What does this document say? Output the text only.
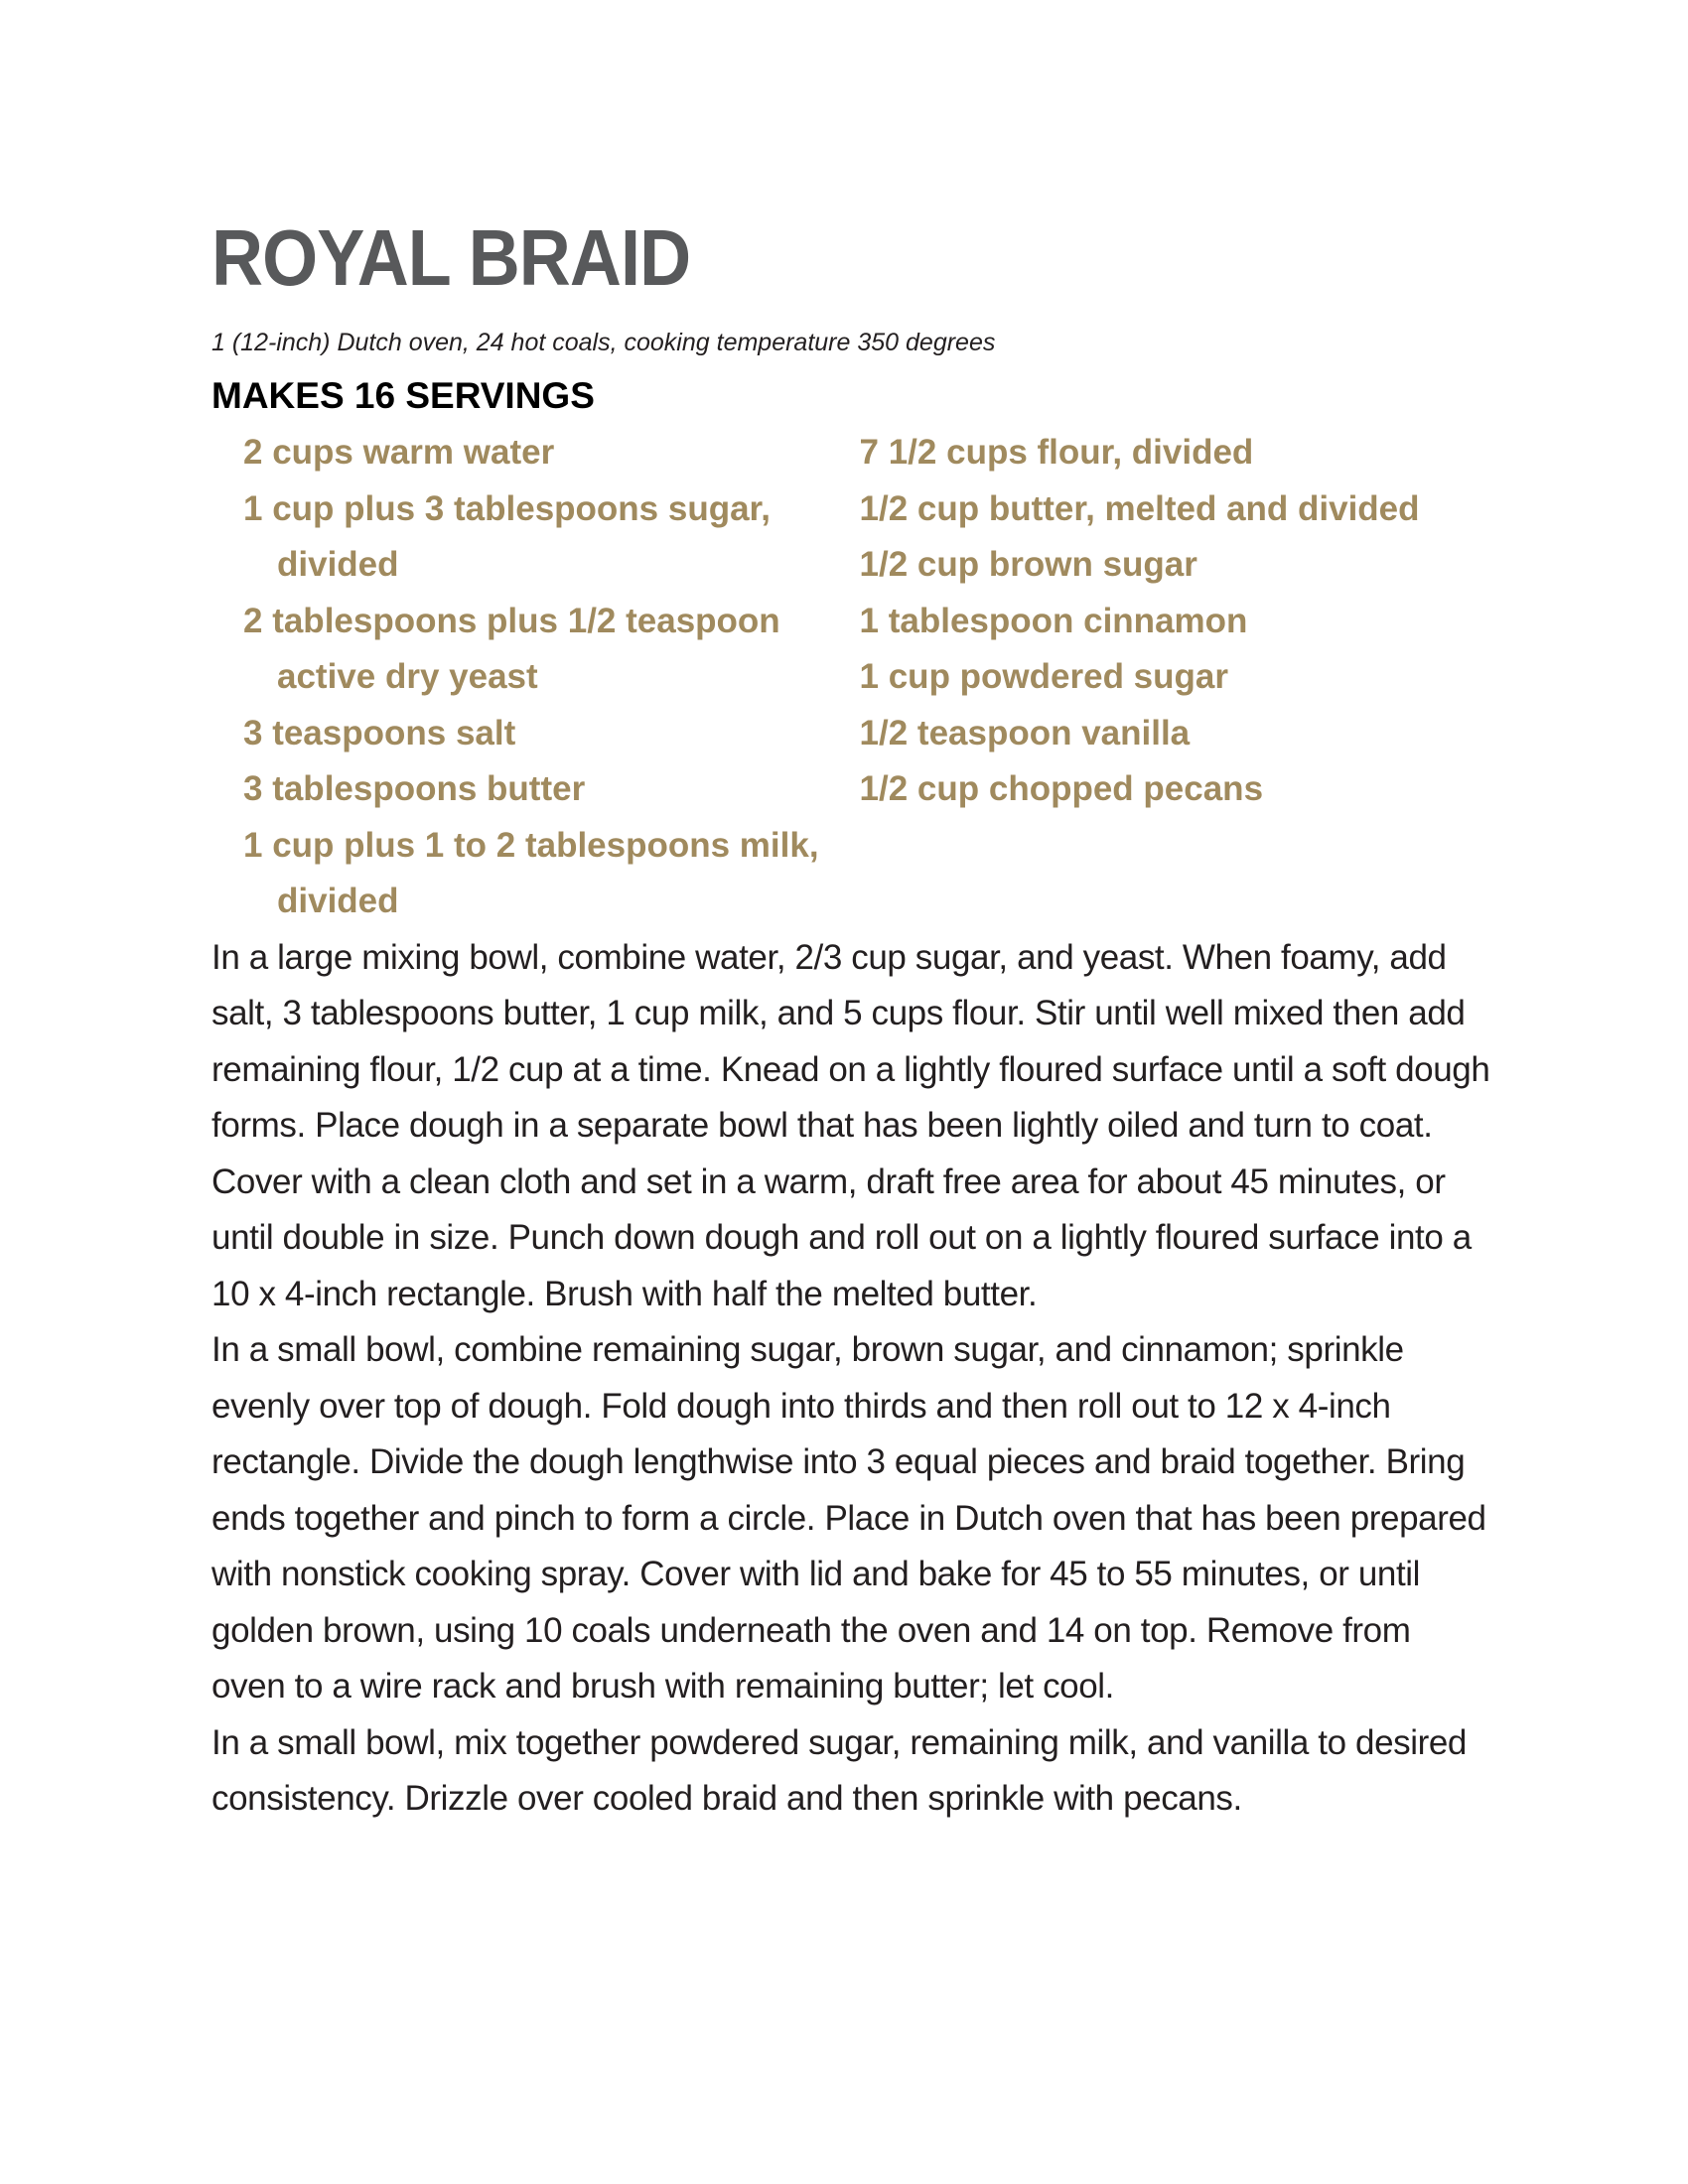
ROYAL BRAID
1 (12-inch) Dutch oven, 24 hot coals, cooking temperature 350 degrees
MAKES 16 SERVINGS
2 cups warm water
1 cup plus 3 tablespoons sugar, divided
2 tablespoons plus 1/2 teaspoon active dry yeast
3 teaspoons salt
3 tablespoons butter
1 cup plus 1 to 2 tablespoons milk, divided
7 1/2 cups flour, divided
1/2 cup butter, melted and divided
1/2 cup brown sugar
1 tablespoon cinnamon
1 cup powdered sugar
1/2 teaspoon vanilla
1/2 cup chopped pecans

In a large mixing bowl, combine water, 2/3 cup sugar, and yeast. When foamy, add salt, 3 tablespoons butter, 1 cup milk, and 5 cups flour. Stir until well mixed then add remaining flour, 1/2 cup at a time. Knead on a lightly floured surface until a soft dough forms. Place dough in a separate bowl that has been lightly oiled and turn to coat. Cover with a clean cloth and set in a warm, draft free area for about 45 minutes, or until double in size. Punch down dough and roll out on a lightly floured surface into a 10 x 4-inch rectangle. Brush with half the melted butter.

In a small bowl, combine remaining sugar, brown sugar, and cinnamon; sprinkle evenly over top of dough. Fold dough into thirds and then roll out to 12 x 4-inch rectangle. Divide the dough lengthwise into 3 equal pieces and braid together. Bring ends together and pinch to form a circle. Place in Dutch oven that has been prepared with nonstick cooking spray. Cover with lid and bake for 45 to 55 minutes, or until golden brown, using 10 coals underneath the oven and 14 on top. Remove from oven to a wire rack and brush with remaining butter; let cool.

In a small bowl, mix together powdered sugar, remaining milk, and vanilla to desired consistency. Drizzle over cooled braid and then sprinkle with pecans.
